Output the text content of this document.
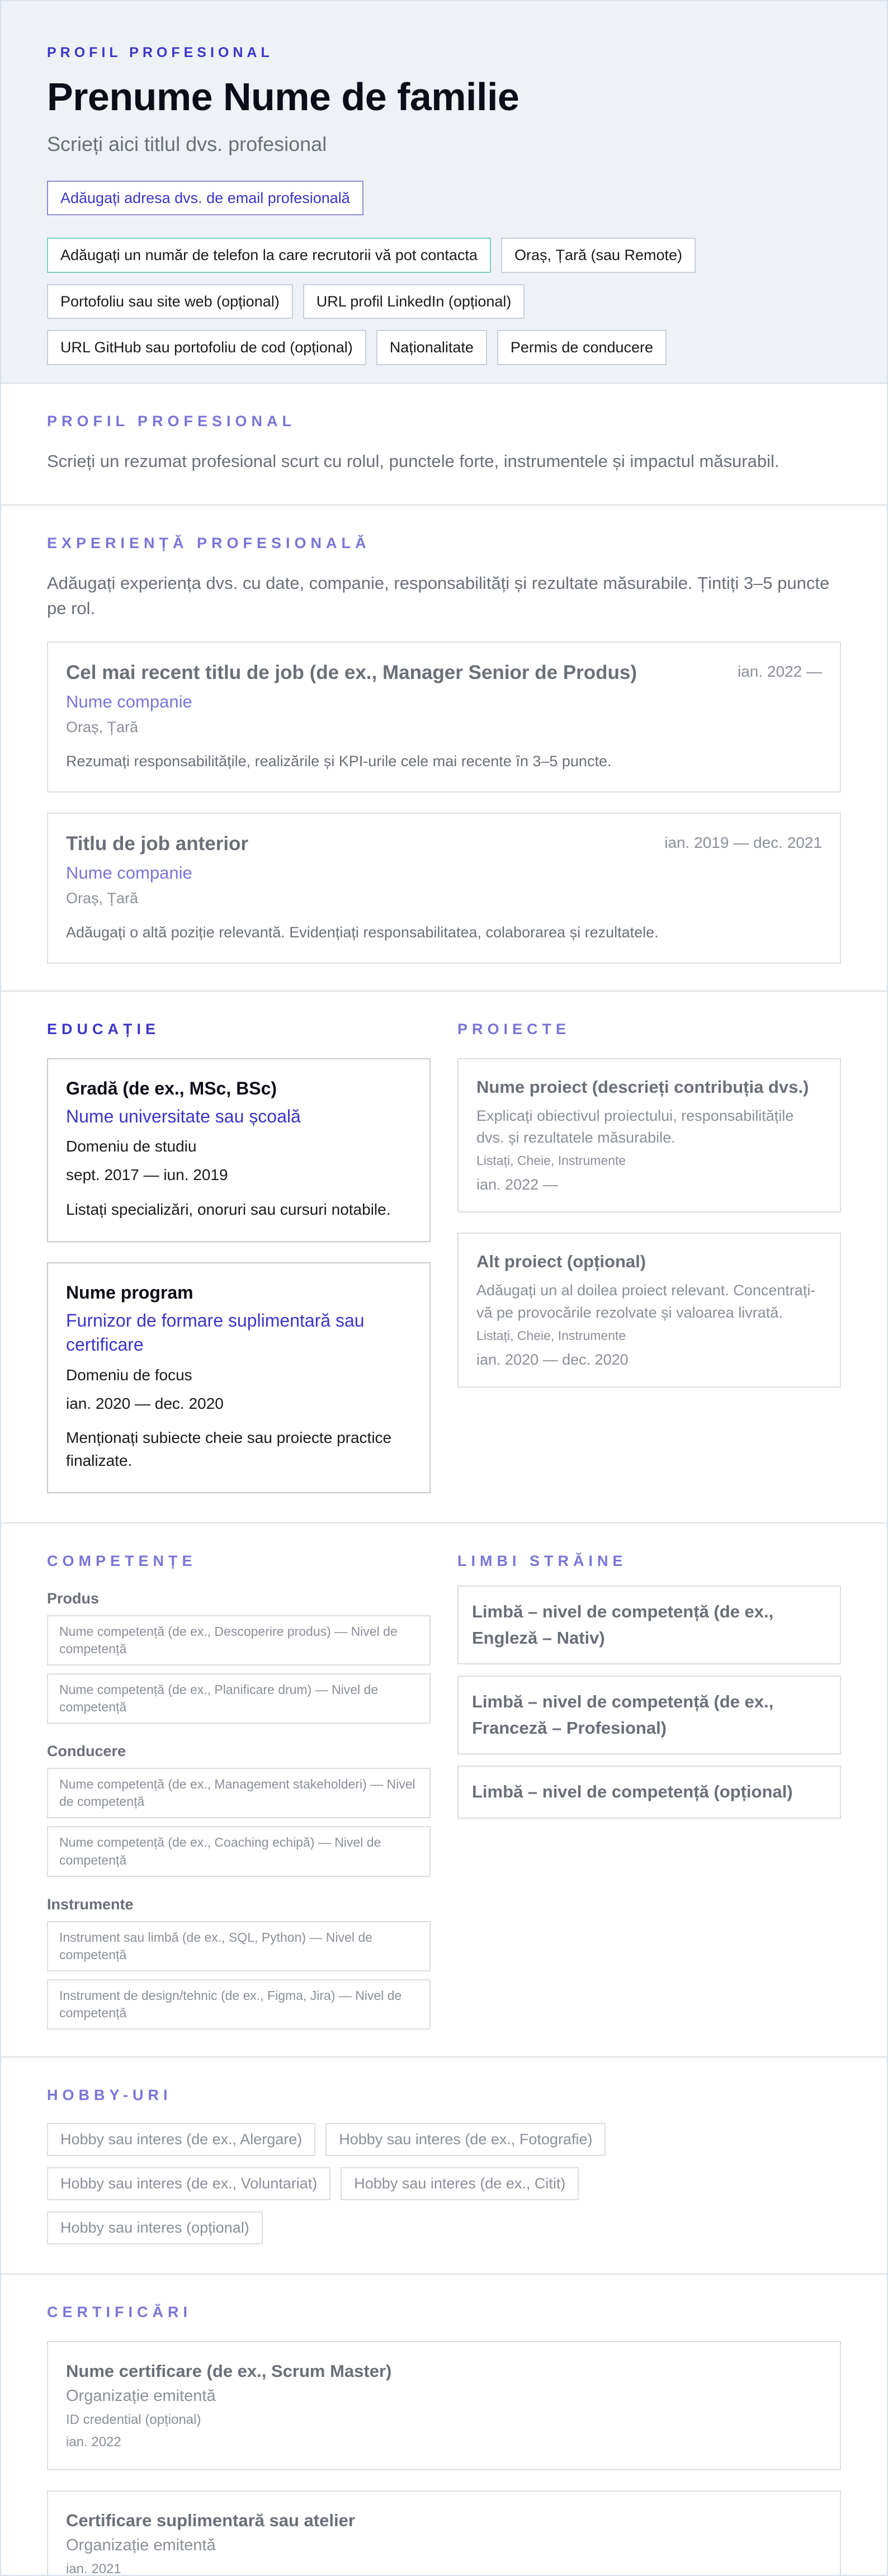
PROFIL PROFESIONAL
Prenume Nume de familie
Scrieți aici titlul dvs. profesional
Adăugați adresa dvs. de email profesională
Adăugați un număr de telefon la care recrutorii vă pot contacta	Oraș, Țară (sau Remote)
Portofoliu sau site web (opțional)	URL profil LinkedIn (opțional)
URL GitHub sau portofoliu de cod (opțional)	Naționalitate	Permis de conducere
PROFIL PROFESIONAL
Scrieți un rezumat profesional scurt cu rolul, punctele forte, instrumentele și impactul măsurabil.
EXPERIENȚĂ PROFESIONALĂ
Adăugați experiența dvs. cu date, companie, responsabilități și rezultate măsurabile. Țintiți 3–5 puncte pe rol.
Cel mai recent titlu de job (de ex., Manager Senior de Produs)	ian. 2022 —
Nume companie
Oraș, Țară
Rezumați responsabilitățile, realizările și KPI-urile cele mai recente în 3–5 puncte.
Titlu de job anterior	ian. 2019 — dec. 2021
Nume companie
Oraș, Țară
Adăugați o altă poziție relevantă. Evidențiați responsabilitatea, colaborarea și rezultatele.
EDUCAȚIE
Gradă (de ex., MSc, BSc)
Nume universitate sau școală
Domeniu de studiu
sept. 2017 — iun. 2019
Listați specializări, onoruri sau cursuri notabile.
Nume program
Furnizor de formare suplimentară sau certificare
Domeniu de focus
ian. 2020 — dec. 2020
Menționați subiecte cheie sau proiecte practice finalizate.
PROIECTE
Nume proiect (descrieți contribuția dvs.)
Explicați obiectivul proiectului, responsabilitățile dvs. și rezultatele măsurabile.
Listați, Cheie, Instrumente
ian. 2022 —
Alt proiect (opțional)
Adăugați un al doilea proiect relevant. Concentrați-vă pe provocările rezolvate și valoarea livrată.
Listați, Cheie, Instrumente
ian. 2020 — dec. 2020
COMPETENȚE
Produs
Nume competență (de ex., Descoperire produs) — Nivel de competență
Nume competență (de ex., Planificare drum) — Nivel de competență
Conducere
Nume competență (de ex., Management stakeholderi) — Nivel de competență
Nume competență (de ex., Coaching echipă) — Nivel de competență
Instrumente
Instrument sau limbă (de ex., SQL, Python) — Nivel de competență
Instrument de design/tehnic (de ex., Figma, Jira) — Nivel de competență
LIMBI STRĂINE
Limbă – nivel de competență (de ex., Engleză – Nativ)
Limbă – nivel de competență (de ex., Franceză – Profesional)
Limbă – nivel de competență (opțional)
HOBBY-URI
Hobby sau interes (de ex., Alergare)	Hobby sau interes (de ex., Fotografie)
Hobby sau interes (de ex., Voluntariat)	Hobby sau interes (de ex., Citit)
Hobby sau interes (opțional)
CERTIFICĂRI
Nume certificare (de ex., Scrum Master)
Organizație emitentă
ID credential (opțional)
ian. 2022
Certificare suplimentară sau atelier
Organizație emitentă
ian. 2021
